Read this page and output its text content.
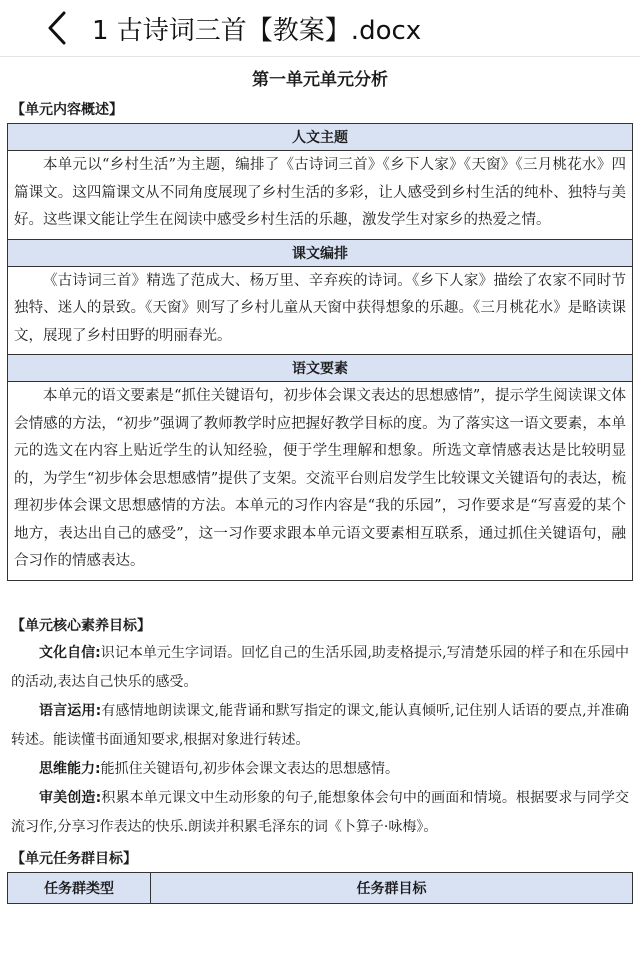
1 古诗词三首【教案】.docx
第一单元单元分析
【单元内容概述】
人文主题

本单元以“乡村生活”为主题，编排了《古诗词三首》《乡下人家》《天窗》《三月桃花水》四篇课文。这四篇课文从不同角度展现了乡村生活的多彩，让人感受到乡村生活的纯朴、独特与美好。这些课文能让学生在阅读中感受乡村生活的乐趣，激发学生对家乡的热爱之情。

课文编排

《古诗词三首》精选了范成大、杨万里、辛弃疾的诗词。《乡下人家》描绘了农家不同时节独特、迷人的景致。《天窗》则写了乡村儿童从天窗中获得想象的乐趣。《三月桃花水》是略读课文，展现了乡村田野的明丽春光。

语文要素

本单元的语文要素是“抓住关键语句，初步体会课文表达的思想感情”，提示学生阅读课文体会情感的方法，“初步”强调了教师教学时应把握好教学目标的度。为了落实这一语文要素，本单元的选文在内容上贴近学生的认知经验，便于学生理解和想象。所选文章情感表达是比较明显的，为学生“初步体会思想感情”提供了支架。交流平台则启发学生比较课文关键语句的表达，梳理初步体会课文思想感情的方法。本单元的习作内容是“我的乐园”，习作要求是“写喜爱的某个地方，表达出自己的感受”，这一习作要求跟本单元语文要素相互联系，通过抓住关键语句，融合习作的情感表达。

【单元核心素养目标】

文化自信:识记本单元生字词语。回忆自己的生活乐园,助麦格提示,写清楚乐园的样子和在乐园中的活动,表达自己快乐的感受。

语言运用:有感情地朗读课文,能背诵和默写指定的课文,能认真倾听,记住别人话语的要点,并准确转述。能读懂书面通知要求,根据对象进行转述。

思维能力:能抓住关键语句,初步体会课文表达的思想感情。

审美创造:积累本单元课文中生动形象的句子,能想象体会句中的画面和情境。根据要求与同学交流习作,分享习作表达的快乐.朗读并积累毛泽东的词《卜算子·咏梅》。

【单元任务群目标】
任务群类型	任务群目标
